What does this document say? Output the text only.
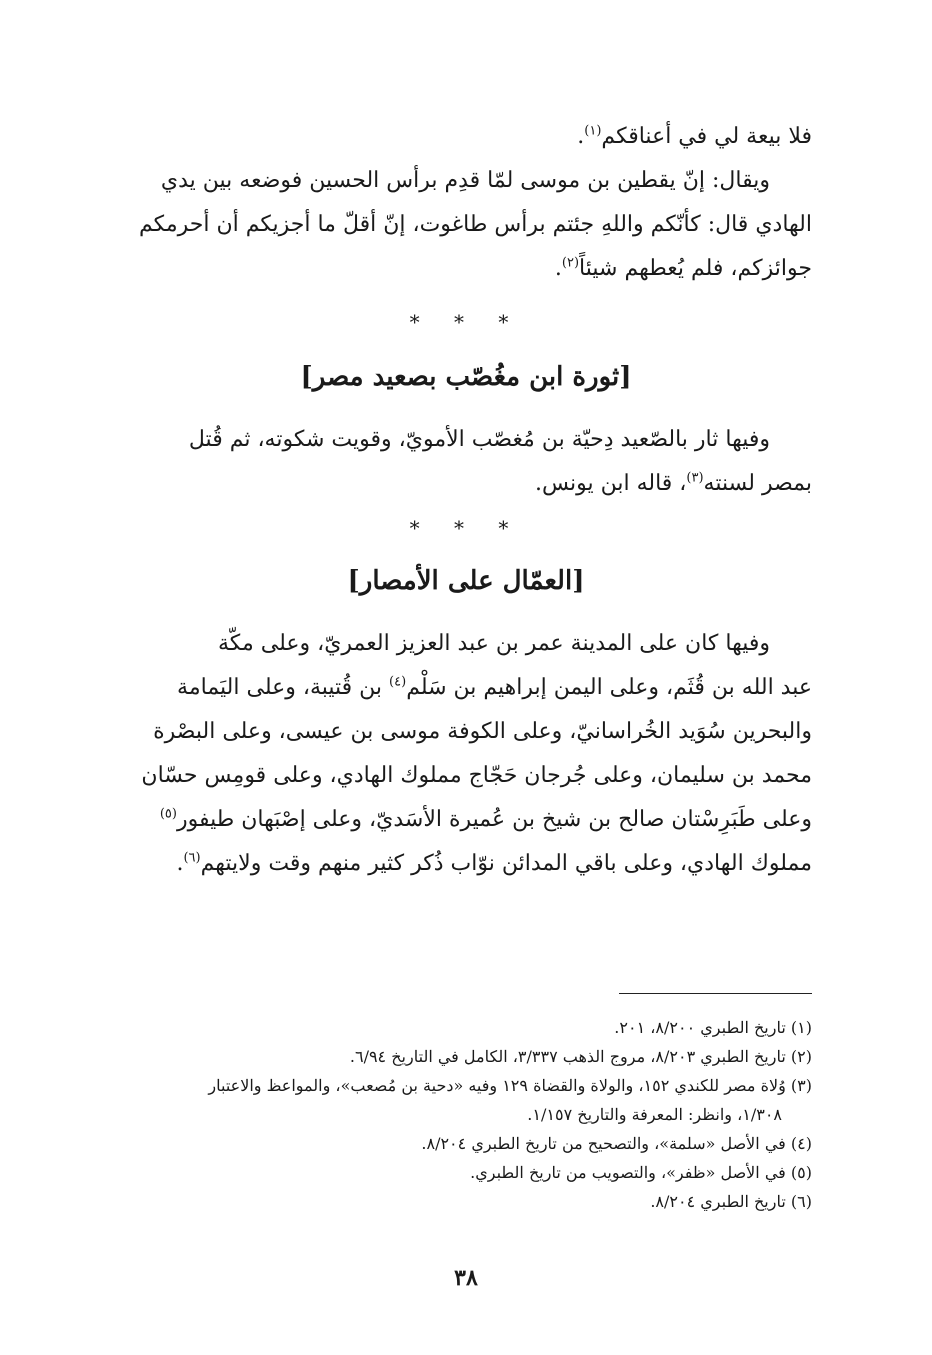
فلا بيعة لي في أعناقكم$^{(١)}$.
ويقال: إنّ يقطين بن موسى لمّا قدِم برأس الحسين فوضعه بين يدي
الهادي قال: كأنّكم واللهِ جئتم برأس طاغوت، إنّ أقلّ ما أجزيكم أن أحرمكم
جوائزكم، فلم يُعطهم شيئاً$^{(٢)}$.
* * *
[ثورة ابن مغُصّب بصعيد مصر]
وفيها ثار بالصّعيد دِحيّة بن مُغصّب الأمويّ، وقويت شكوته، ثم قُتل
بمصر لسنته$^{(٣)}$، قاله ابن يونس.
* * *
[العمّال على الأمصار]
وفيها كان على المدينة عمر بن عبد العزيز العمريّ، وعلى مكّة
عبد الله بن قُثَم، وعلى اليمن إبراهيم بن سَلْم$^{(٤)}$ بن قُتيبة، وعلى اليَمامة
والبحرين سُوَيد الخُراسانيّ، وعلى الكوفة موسى بن عيسى، وعلى البصْرة
محمد بن سليمان، وعلى جُرجان حَجّاج مملوك الهادي، وعلى قومِس حسّان
وعلى طَبَرِسْتان صالح بن شيخ بن عُميرة الأسَديّ، وعلى إصْبَهان طيفور$^{(٥)}$
مملوك الهادي، وعلى باقي المدائن نوّاب ذُكر كثير منهم وقت ولايتهم$^{(٦)}$.
(١) تاريخ الطبري ٨/٢٠٠، ٢٠١.
(٢) تاريخ الطبري ٨/٢٠٣، مروج الذهب ٣/٣٣٧، الكامل في التاريخ ٦/٩٤.
(٣) وُلاة مصر للكندي ١٥٢، والولاة والقضاة ١٢٩ وفيه «دحية بن مُصعب»، والمواعظ والاعتبار
١/٣٠٨، وانظر: المعرفة والتاريخ ١/١٥٧.
(٤) في الأصل «سلمة»، والتصحيح من تاريخ الطبري ٨/٢٠٤.
(٥) في الأصل «ظفر»، والتصويب من تاريخ الطبري.
(٦) تاريخ الطبري ٨/٢٠٤.
٣٨
